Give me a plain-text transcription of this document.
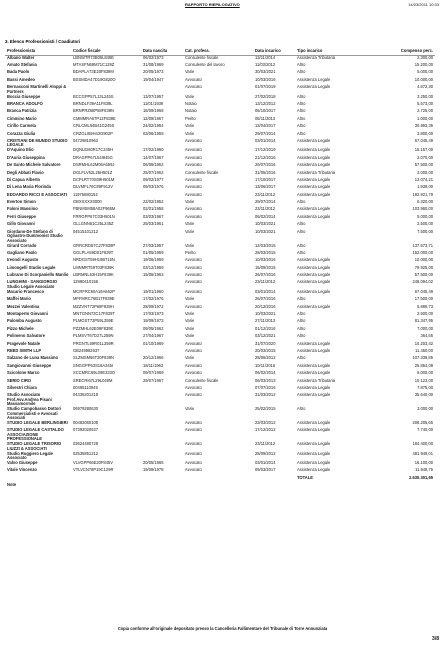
RAPPORTO RIEPILOGATIVO	14/03/2011 10:33
3. Elenco Professionisti / Coadiutori
Professionista	Codice fiscale	Data nascita	Cat. profess.	Data incarico	Tipo incarico	Compenso perc.
Albano Walter	LBNWTR73B06L845E	06/02/1973	Consulente fiscale	13/11/2014	Assistenza Tributaria	2.300,00
Amato Stefania	MTASFN69M71C129Z	31/08/1969	Consulente del lavoro	11/03/2012	Altro	15.200,00
Bada Paolo	BDAPLA73E20F839M	20/05/1973	Varie	30/03/2021	Altro	5.000,00
Bassi Amedeo	BSSMDA47D19G820O	19/04/1947	Avvocato	10/03/2016	Assistenza Legale	10.000,00
Bernasconi Martinelli Aloppi & Partners			Avvocato	01/07/2019	Assistenza Legale	4.672,30
Boccia Giuseppe	BCCGPP57L13L245S	13/07/1957	Varie	27/02/2018	Altro	3.250,00
BRANCA ADOLFO	BRNDLF39A11F839L	11/01/1939	Notaio	13/12/2012	Altro	5.573,00
Branca Patrizia	BRNPRZ68P58F839N	18/09/1968	Notaio	05/10/2017	Altro	2.725,00
Cimmino Mario	CMMMRA67P12F839E	12/09/1967	Perito	05/11/2013	Altro	1.000,00
Cirillo Carmela	CRLCML54B41G245S	24/02/1954	Varie	13/04/2017	Altro	30.993,35
Corazza Giulia	CRZGLI59H43G902P	03/06/1959	Varie	29/07/2014	Altro	3.800,00
CRISTIANI DE MUNDO STUDIO LEGALE	04729810963		Avvocato	03/01/2014	Assistenza Legale	67.045,49
D'Aquino Elio	DQNLEI60R17C245H	17/02/1960	Avvocato	17/12/2019	Assistenza Legale	15.157,00
D'Auria Giuseppina	DRAGPP67L54I845G	14/07/1967	Avvocato	21/12/2016	Assistenza Legale	2.070,00
De Santo Michele Salvatore	DSRMHL62M06A669J	06/08/1962	Avvocato	26/07/2016	Assistenza Legale	57.500,00
Degli Abbati Flavio	DGLFLV62L25H501Z	25/07/1962	Consulente fiscale	31/05/2016	Assistenza Tributaria	2.000,00
Di Capua Alberto	DCPLRT70S09H501M	09/02/1977	Avvocato	17/10/2017	Assistenza Legale	13.074,21
Di Lena Maria Florinda	DLVMFL76C89F912V	09/03/1976	Avvocato	13/06/2017	Assistenza Legale	1.939,00
EDOARDO RICCI E ASSOCIATI	11976680152		Avvocato	23/11/2012	Assistenza Legale	182.921,79
Everton Simon	GBXXXXX0000	22/02/1952	Varie	29/07/2014	Altro	6.320,00
Faloni Massimo	FBNMSM58A02F965M	02/01/1958	Avvocato	23/11/2012	Assistenza Legale	103.960,00
Ferri Giuseppe	FRRGPP67C03H501N	03/03/1967	Avvocato	06/02/2014	Assistenza Legale	5.000,00
Gillo Giovanni	GLLGNN61C25L245Z	25/03/1961	Varie	10/03/2021	Altro	2.500,00
Giordano-De Stefano di Ogliastro-Dummonist Studio Associato	04515101212		Varie	10/03/2021	Altro	7.500,00
Girard Corrado	GRRCRD57C27F839P	27/03/1957	Varie	12/03/2015	Altro	137.573,71
Gagliano Paolo	GGLPLA59D01F839T	01/05/1959	Perito	28/03/2015	Altro	152.000,00
Ireondi Augusto	NRDGST59H19B715N	19/06/1959	Avvocato	10/03/2016	Assistenza Legale	10.000,00
Limongelli Studio Legale	LMNMRT59T03F839K	03/12/1959	Avvocato	15/09/2015	Assistenza Legale	79.925,00
Lubrano Di Scorpaniello Manlio	LBRMNL63H15F839K	15/06/1963	Avvocato	26/07/2016	Assistenza Legale	57.500,00
LUNGHINI - SANGIORGIO Studio Legale Associato	12990410156		Avvocato	23/11/2012	Assistenza Legale	248.094,02
Macario Francesco	MCRFRC60A19A662P	19/01/1960	Avvocato	03/01/2014	Assistenza Legale	67.045,49
Maffei Mario	MFFMRC76B17F839E	17/02/1976	Varie	26/07/2016	Altro	17.500,00
Mezzei Valentina	MZZVNT72P68F839H	28/09/1972	Avvocato	20/12/2016	Assistenza Legale	5.889,73
Montaperto Giovanni	MNTGNN73C17F839T	17/03/1973	Varie	10/03/2021	Altro	2.500,00
Palomba Augusto	PLMGST73P59L259E	19/09/1973	Varie	27/11/2013	Altro	81.347,95
Pizzo Michele	PZZMHL62E09F839E	09/05/1962	Varie	01/12/2016	Altro	7.000,00
Polimeno Salvatore	PLMSVT67D27L259N	27/04/1967	Varie	03/12/2021	Altro	364,65
Pragevole Natale	PRGNTL69R01L259R	01/10/1969	Avvocato	31/07/2020	Assistenza Legale	10.203,42
REED SMITH LLP	GB249982637		Avvocato	20/03/2015	Assistenza Legale	11.450,00
Salzano de Luna Massimo	SLZMSM66T20F839N	20/12/1966	Varie	28/06/2012	Altro	107.339,85
Sangiovanni Giuseppe	SNGGPP63S18A345I	18/11/1963	Avvocato	10/11/2016	Assistenza Legale	25.864,08
Scicolone Marco	SCCMRC69L09E333O	09/07/1969	Avvocato	06/02/2014	Assistenza Legale	5.000,00
SERIO CIRO	SRECRI67L29L049M	29/07/1967	Consulente fiscale	06/03/2013	Assistenza Tributaria	10.123,00
Silvestri Chiara	00495110949		Avvocato	07/07/2016	Assistenza Legale	7.875,00
Studio Associato Prof.Avv.Andrea Pisani Massamormile	04335201218		Avvocato	31/03/2012	Assistenza Legale	35.640,00
Studio Campobasso Dottori Commercialisti e Avvocati Associati	06979280630		Varie	25/02/2015	Altro	3.000,00
STUDIO LEGALE BERLINGIERI	00482060108		Avvocato	23/03/2012	Assistenza Legale	208.205,65
STUDIO LEGALE CASTALDO ASSOCIAZIONE PROFESSIONALE	07392020637		Avvocato	17/12/2012	Assistenza Legale	7.740,00
STUDIO LEGALE TRISORIO LIUZZI & ASSOCIATI	03624480728		Avvocato	23/11/2012	Assistenza Legale	184.400,00
Studio Ruggiero Legale Associato	02535851212		Avvocato	28/09/2012	Assistenza Legale	481.949,01
Valvo Giuseppe	VLVGPP66E20F845V	20/05/1966	Avvocato	03/01/2014	Assistenza Legale	16.100,00
Vitale Vincenzo	VTLVCN78P19C129R	19/09/1978	Avvocato	09/03/2017	Assistenza Legale	11.949,75
					TOTALE	2.635.301,65
Note						
Copia conforme all'originale depositato presso la Cancelleria Fallimentare del Tribunale di Torre Annunziata
3/8
